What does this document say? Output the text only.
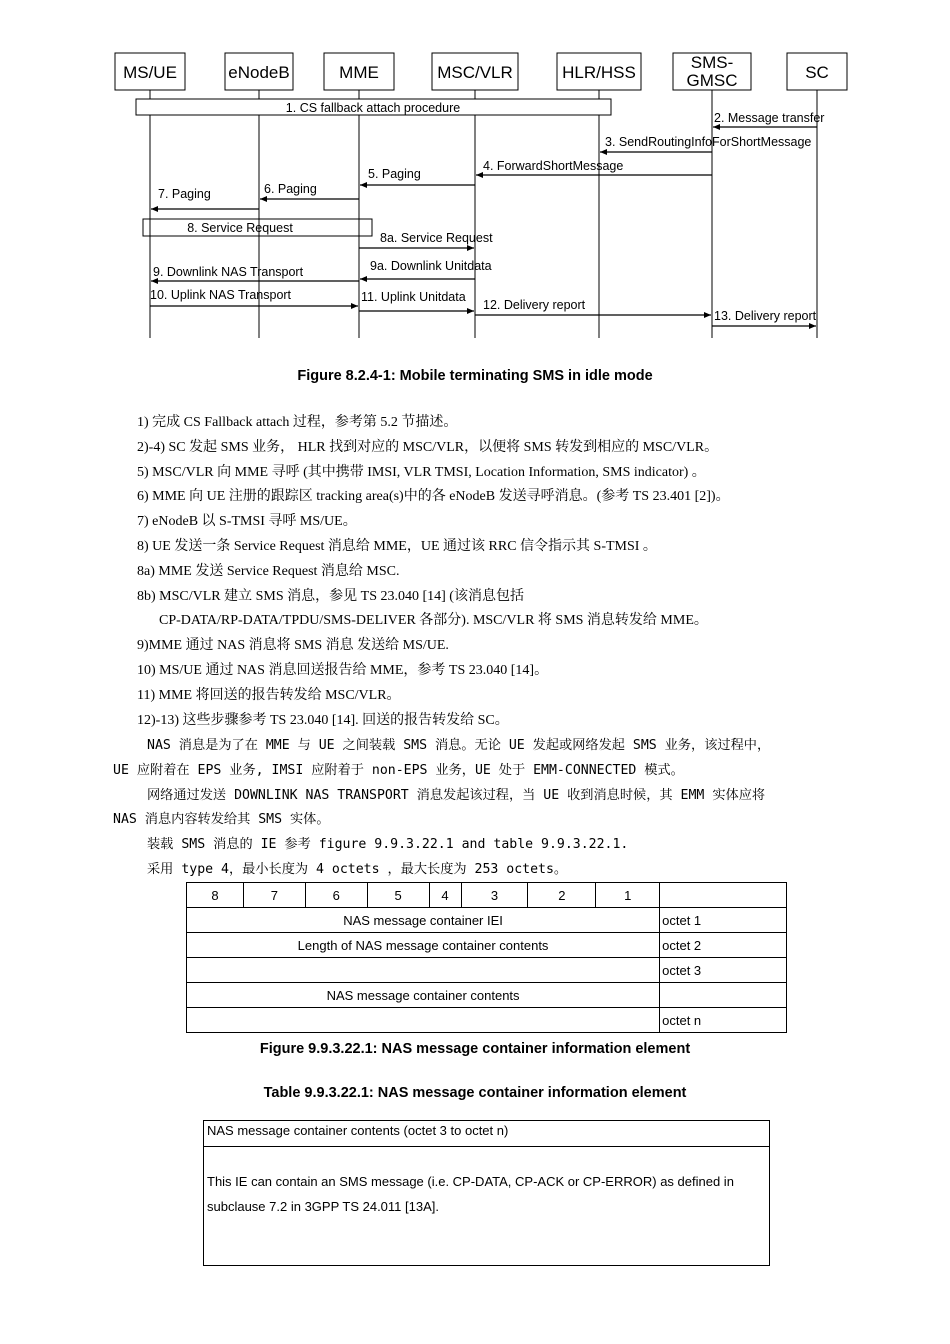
MS/UE	eNodeB	MME	MSC/VLR	HLR/HSS
SMS-
GMSC	SC
1. CS fallback attach procedure
8. Service Request
2. Message transfer
3. SendRoutingInfoForShortMessage
4. ForwardShortMessage
5. Paging
6. Paging
7. Paging
8a. Service Request
9a. Downlink Unitdata
9. Downlink NAS Transport
10. Uplink NAS Transport	11. Uplink Unitdata
12. Delivery report
13. Delivery report
Figure 8.2.4-1: Mobile terminating SMS in idle mode
1) 完成 CS Fallback attach 过程，参考第 5.2 节描述。
2)-4) SC 发起 SMS 业务， HLR 找到对应的 MSC/VLR，以便将 SMS 转发到相应的 MSC/VLR。
5) MSC/VLR 向 MME 寻呼 (其中携带 IMSI, VLR TMSI, Location Information, SMS indicator) 。
6) MME 向 UE 注册的跟踪区 tracking area(s)中的各 eNodeB 发送寻呼消息。(参考 TS 23.401 [2])。
7) eNodeB 以 S-TMSI 寻呼 MS/UE。
8) UE 发送一条 Service Request 消息给 MME，UE 通过该 RRC 信令指示其 S-TMSI 。
8a) MME 发送 Service Request 消息给 MSC.
8b) MSC/VLR 建立 SMS 消息，参见 TS 23.040 [14] (该消息包括
CP-DATA/RP-DATA/TPDU/SMS-DELIVER 各部分). MSC/VLR 将 SMS 消息转发给 MME。
9)MME 通过 NAS 消息将 SMS 消息 发送给 MS/UE.
10) MS/UE 通过 NAS 消息回送报告给 MME，参考 TS 23.040 [14]。
11) MME 将回送的报告转发给 MSC/VLR。
12)-13) 这些步骤参考 TS 23.040 [14]. 回送的报告转发给 SC。
NAS 消息是为了在 MME 与 UE 之间装载 SMS 消息。无论 UE 发起或网络发起 SMS 业务，该过程中，
UE 应附着在 EPS 业务, IMSI 应附着于 non-EPS 业务，UE 处于 EMM-CONNECTED 模式。
网络通过发送 DOWNLINK NAS TRANSPORT 消息发起该过程，当 UE 收到消息时候，其 EMM 实体应将
NAS 消息内容转发给其 SMS 实体。
装载 SMS 消息的 IE 参考 figure 9.9.3.22.1 and table 9.9.3.22.1.
采用 type 4，最小长度为 4 octets ，最大长度为 253 octets。
8	7	6	5	4	3	2	1	
NAS message container IEI								octet 1
Length of NAS message container contents								octet 2
								octet 3
NAS message container contents								
								octet n
Figure 9.9.3.22.1: NAS message container information element
Table 9.9.3.22.1: NAS message container information element
NAS message container contents (octet 3 to octet n)
This IE can contain an SMS message (i.e. CP-DATA, CP-ACK or CP-ERROR) as defined in subclause 7.2 in 3GPP TS 24.011 [13A].
